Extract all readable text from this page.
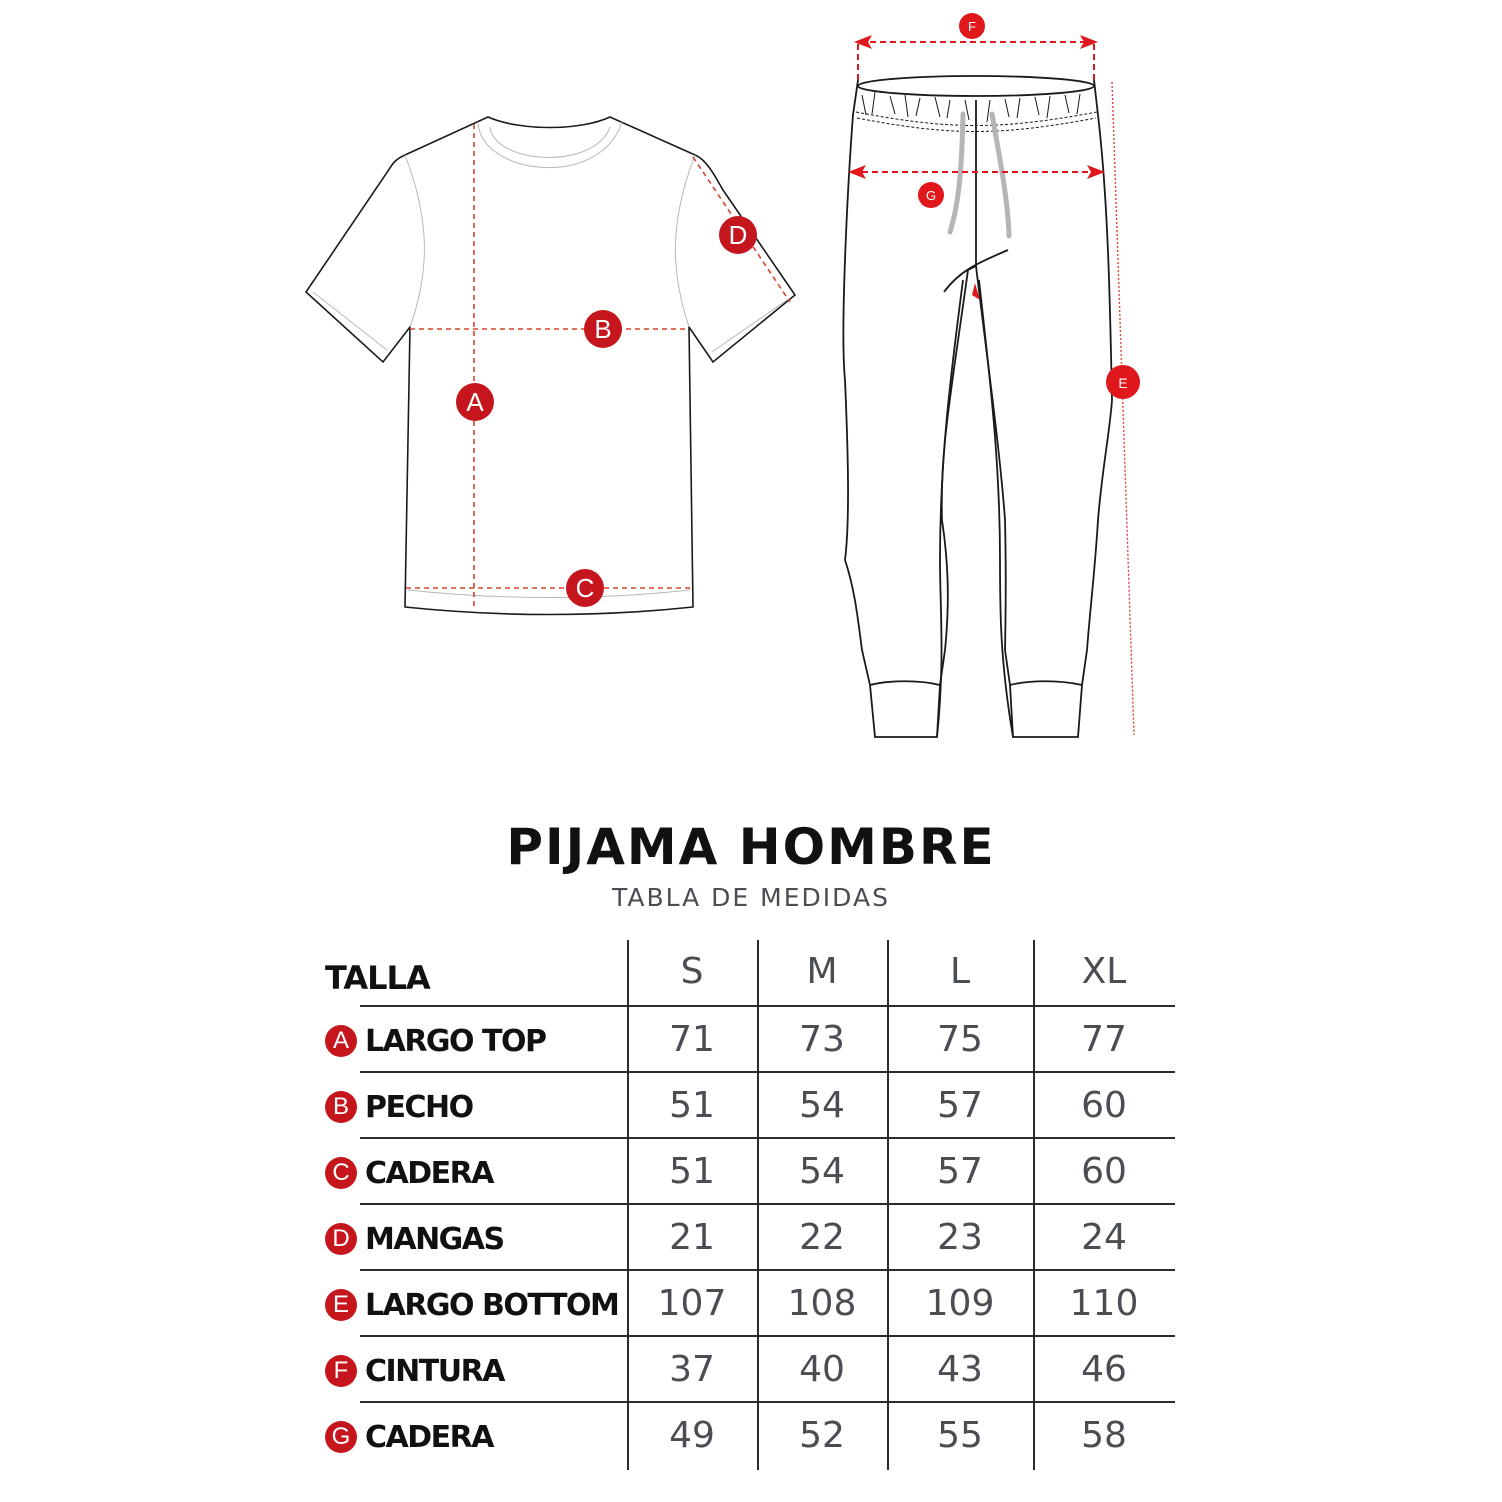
A
B
C
D
F
G
E
PIJAMA HOMBRE
TABLA DE MEDIDAS
TALLA	S	M	L	XL
A LARGO TOP	71	73	75	77
B PECHO	51	54	57	60
C CADERA	51	54	57	60
D MANGAS	21	22	23	24
E LARGO BOTTOM	107	108	109	110
F CINTURA	37	40	43	46
G CADERA	49	52	55	58
